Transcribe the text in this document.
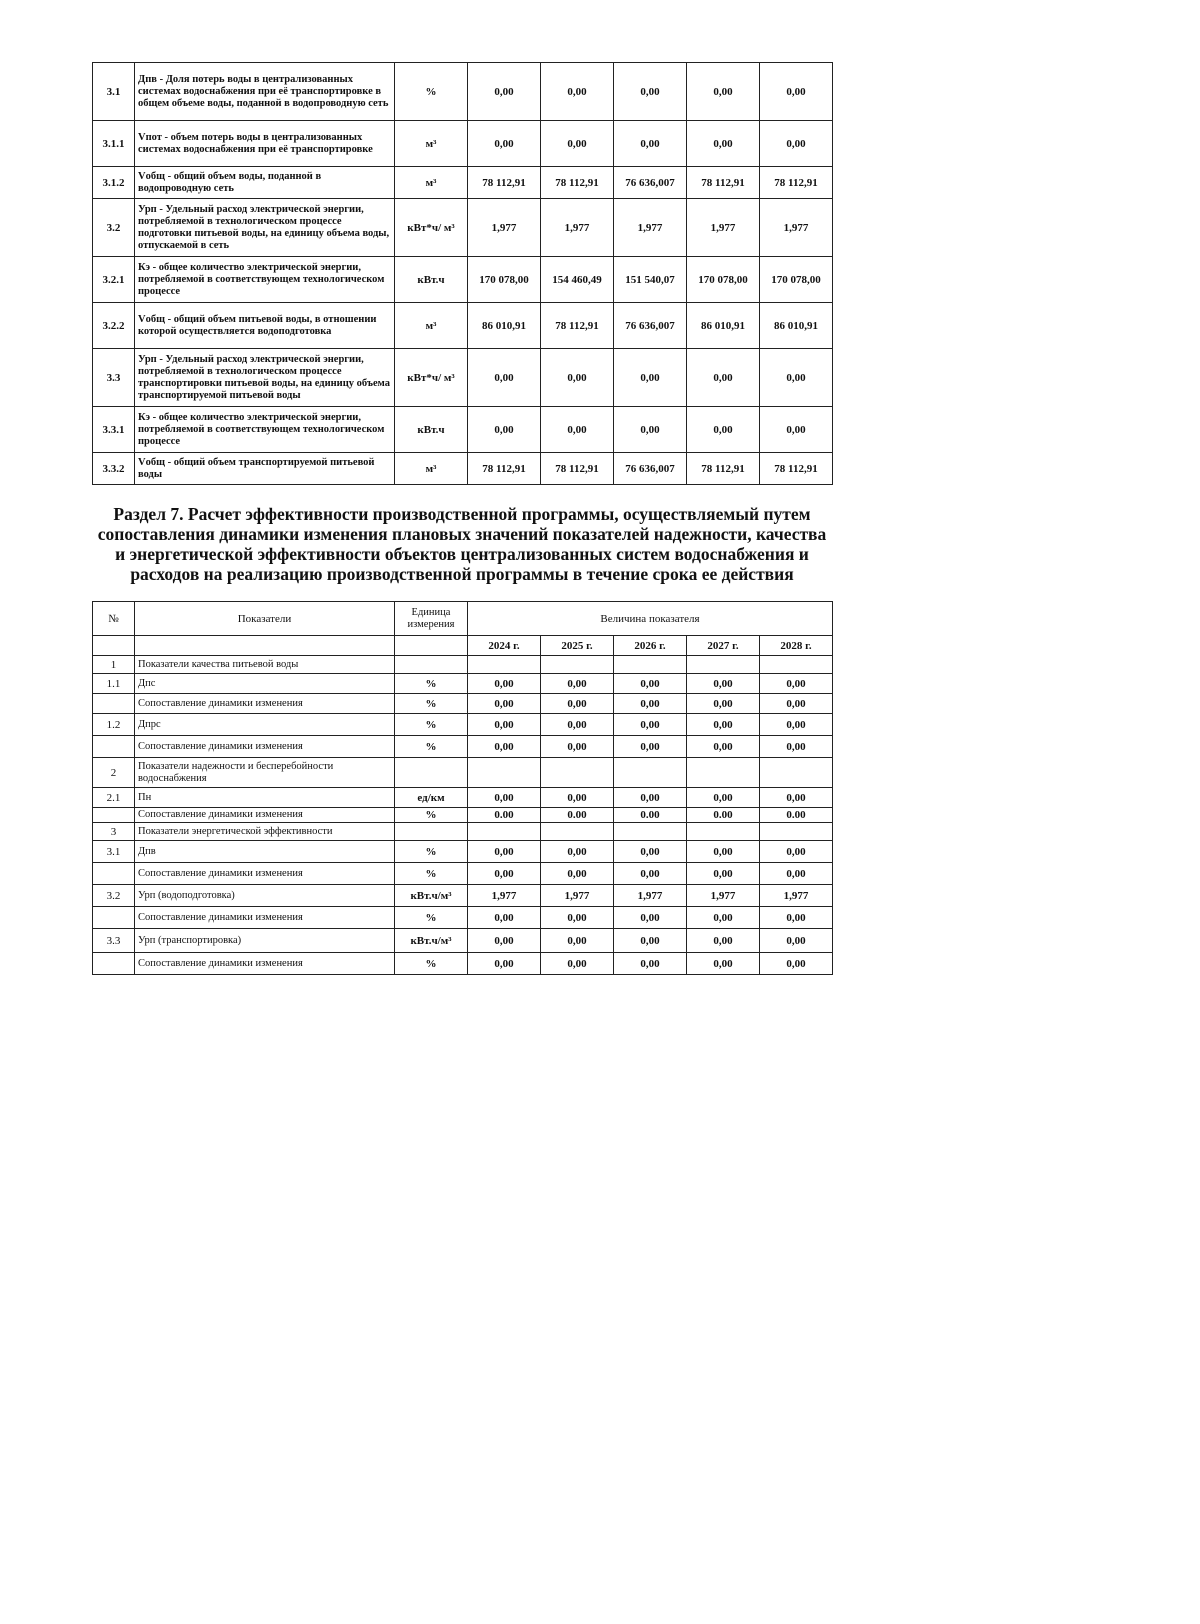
3.1	Дпв - Доля потерь воды в централизованных системах водоснабжения при её транспортировке в общем объеме воды, поданной в водопроводную сеть	%	0,00	0,00	0,00	0,00	0,00
3.1.1	Vпот - объем потерь воды в централизованных системах водоснабжения при её транспортировке	м³	0,00	0,00	0,00	0,00	0,00
3.1.2	Vобщ - общий объем воды, поданной в водопроводную сеть	м³	78 112,91	78 112,91	76 636,007	78 112,91	78 112,91
3.2	Урп - Удельный расход электрической энергии, потребляемой в технологическом процессе подготовки питьевой воды, на единицу объема воды, отпускаемой в сеть	кВт*ч/ м³	1,977	1,977	1,977	1,977	1,977
3.2.1	Кэ - общее количество электрической энергии, потребляемой в соответствующем технологическом процессе	кВт.ч	170 078,00	154 460,49	151 540,07	170 078,00	170 078,00
3.2.2	Vобщ - общий объем питьевой воды, в отношении которой осуществляется водоподготовка	м³	86 010,91	78 112,91	76 636,007	86 010,91	86 010,91
3.3	Урп - Удельный расход электрической энергии, потребляемой в технологическом процессе транспортировки питьевой воды, на единицу объема транспортируемой питьевой воды	кВт*ч/ м³	0,00	0,00	0,00	0,00	0,00
3.3.1	Кэ - общее количество электрической энергии, потребляемой в соответствующем технологическом процессе	кВт.ч	0,00	0,00	0,00	0,00	0,00
3.3.2	Vобщ - общий объем транспортируемой питьевой воды	м³	78 112,91	78 112,91	76 636,007	78 112,91	78 112,91
Раздел 7. Расчет эффективности производственной программы, осуществляемый путем сопоставления динамики изменения плановых значений показателей надежности, качества и энергетической эффективности объектов централизованных систем водоснабжения и расходов на реализацию производственной программы в течение срока ее действия
№	Показатели	Единица измерения	Величина показателя				
			2024 г.	2025 г.	2026 г.	2027 г.	2028 г.
1	Показатели качества питьевой воды						
1.1	Дпс	%	0,00	0,00	0,00	0,00	0,00
	Сопоставление динамики изменения	%	0,00	0,00	0,00	0,00	0,00
1.2	Дпрс	%	0,00	0,00	0,00	0,00	0,00
	Сопоставление динамики изменения	%	0,00	0,00	0,00	0,00	0,00
2	Показатели надежности и бесперебойности водоснабжения						
2.1	Пн	ед/км	0,00	0,00	0,00	0,00	0,00
	Сопоставление динамики изменения	%	0.00	0.00	0.00	0.00	0.00
3	Показатели энергетической эффективности						
3.1	Дпв	%	0,00	0,00	0,00	0,00	0,00
	Сопоставление динамики изменения	%	0,00	0,00	0,00	0,00	0,00
3.2	Урп (водоподготовка)	кВт.ч/м³	1,977	1,977	1,977	1,977	1,977
	Сопоставление динамики изменения	%	0,00	0,00	0,00	0,00	0,00
3.3	Урп (транспортировка)	кВт.ч/м³	0,00	0,00	0,00	0,00	0,00
	Сопоставление динамики изменения	%	0,00	0,00	0,00	0,00	0,00
